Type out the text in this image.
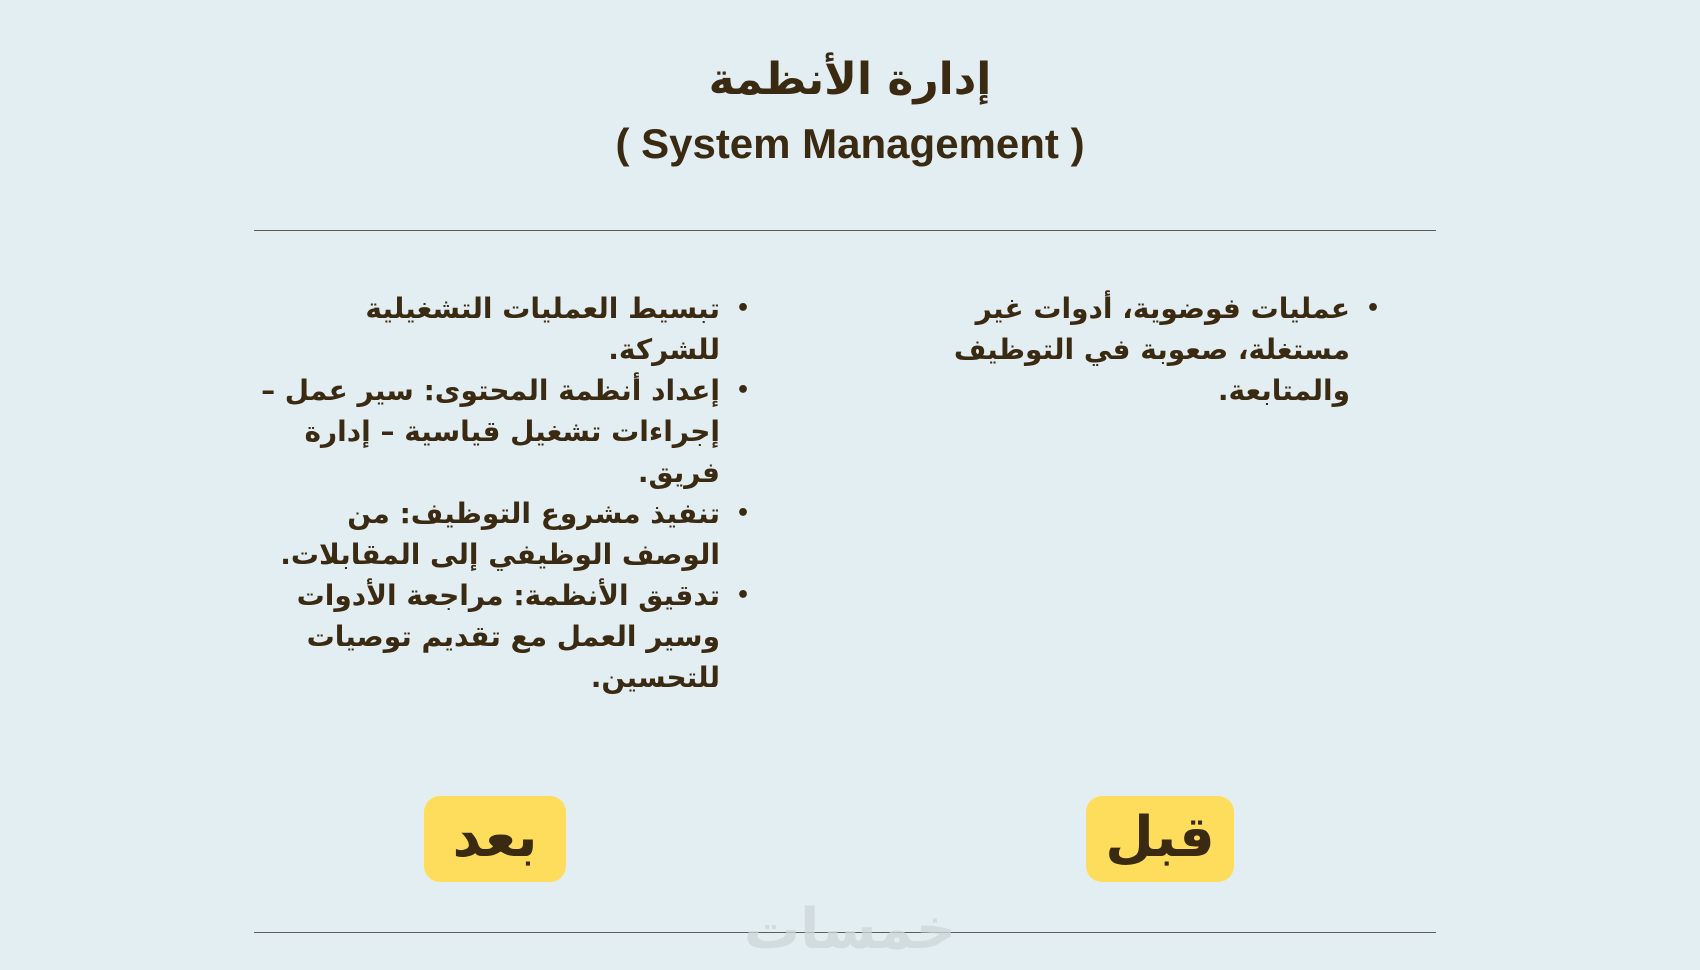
إدارة الأنظمة
( System Management )
•
عمليات فوضوية، أدوات غير مستغلة، صعوبة في التوظيف والمتابعة.
•
تبسيط العمليات التشغيلية للشركة.
•
إعداد أنظمة المحتوى: سير عمل – إجراءات تشغيل قياسية – إدارة فريق.
•
تنفيذ مشروع التوظيف: من الوصف الوظيفي إلى المقابلات.
•
تدقيق الأنظمة: مراجعة الأدوات وسير العمل مع تقديم توصيات للتحسين.
بعد	قبل
خمسات
